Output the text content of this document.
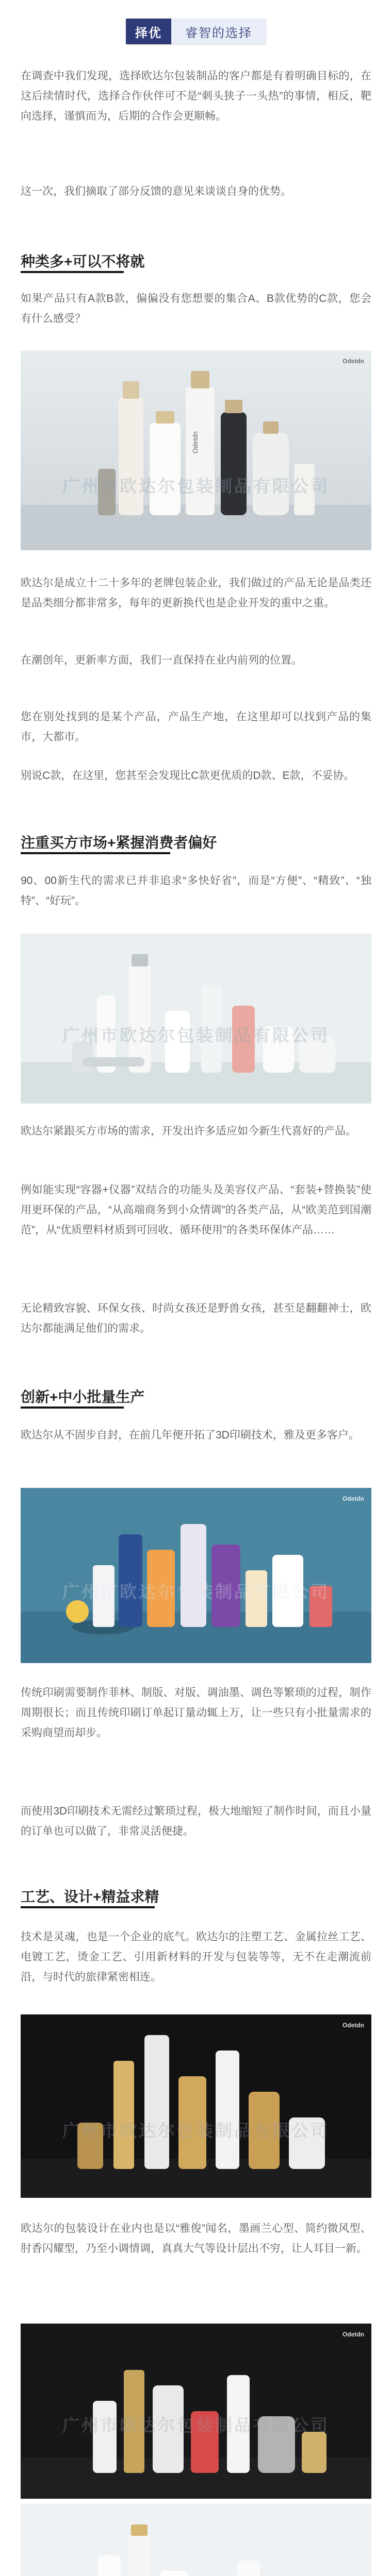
择优	睿智的选择

在调查中我们发现，选择欧达尔包装制品的客户都是有着明确目标的，在这后续情时代，选择合作伙伴可不是“刺头狭子一头热”的事情，相反，靶向选择，谨慎而为，后期的合作会更顺畅。

这一次，我们摘取了部分反馈的意见来谈谈自身的优势。

种类多+可以不将就

如果产品只有A款B款，偏偏没有您想要的集合A、B款优势的C款，您会有什么感受？

Odetdn
广州市欧达尔包装制品有限公司
Odetdn

欧达尔是成立十二十多年的老牌包装企业，我们做过的产品无论是品类还是品类细分都非常多，每年的更新换代也是企业开发的重中之重。

在潮创年，更新率方面，我们一直保持在业内前列的位置。

您在别处找到的是某个产品，产品生产地，在这里却可以找到产品的集市，大都市。

别说C款，在这里，您甚至会发现比C款更优质的D款、E款，不妥协。

注重买方市场+紧握消费者偏好

90、00新生代的需求已并非追求“多快好省”，而是“方便”、“精致”、“独特”、“好玩”。

广州市欧达尔包装制品有限公司

欧达尔紧跟买方市场的需求，开发出许多适应如今新生代喜好的产品。

例如能实现“容器+仪器”双结合的功能头及美容仪产品、“套装+替换装”使用更环保的产品，“从高端商务到小众情调”的各类产品，从“欧美范到国潮范”，从“优质塑料材质到可回收、循环使用”的各类环保体产品……

无论精致容貌、环保女孩、时尚女孩还是野兽女孩，甚至是翻翻神士，欧达尔都能满足他们的需求。

创新+中小批量生产

欧达尔从不固步自封，在前几年便开拓了3D印刷技术，雅及更多客户。

广州市欧达尔包装制品有限公司
Odetdn

传统印刷需要制作菲林、制版、对版、调油墨、调色等繁琐的过程，制作周期很长；而且传统印刷订单起订量动辄上万，让一些只有小批量需求的采购商望而却步。

而使用3D印刷技术无需经过繁琐过程，极大地缩短了制作时间，而且小量的订单也可以做了，非常灵活便捷。

工艺、设计+精益求精

技术是灵魂，也是一个企业的底气。欧达尔的注塑工艺、金属拉丝工艺、电镀工艺，烫金工艺、引用新材料的开发与包装等等，无不在走潮流前沿，与时代的旅律紧密相连。

广州市欧达尔包装制品有限公司
Odetdn

欧达尔的包装设计在业内也是以“雅俊”闻名，墨画兰心型、简约微风型、肘香闪耀型，乃至小调情调，真真大气等设计层出不穷，让人耳目一新。

广州市欧达尔包装制品有限公司
Odetdn
